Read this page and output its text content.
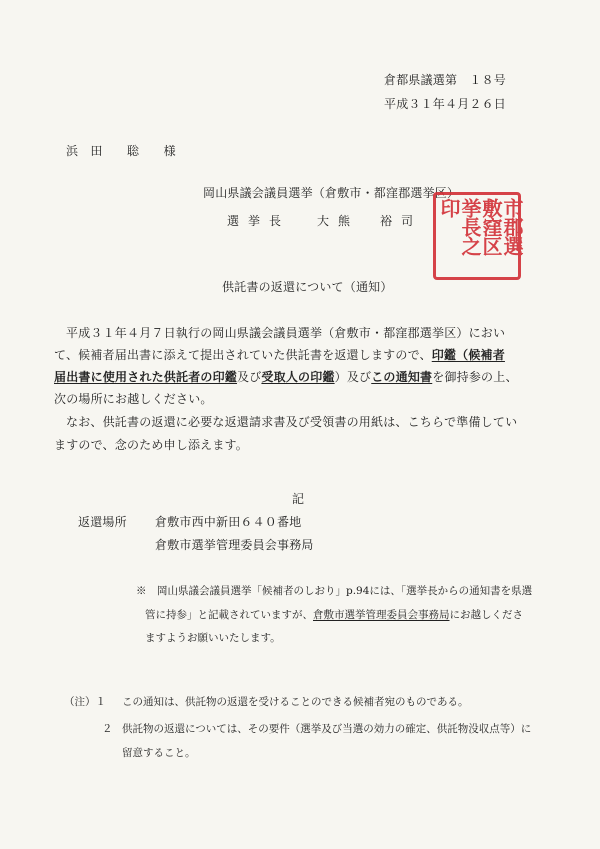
倉都県議選第　１８号
平成３１年４月２６日
浜　田　　聡　　様
岡山県議会議員選挙（倉敷市・都窪郡選挙区）
選挙長 大熊　裕司	市郡選
敷窪区
挙長之
印
供託書の返還について（通知）
平成３１年４月７日執行の岡山県議会議員選挙（倉敷市・都窪郡選挙区）におい
て、候補者届出書に添えて提出されていた供託書を返還しますので、印鑑（候補者
届出書に使用された供託者の印鑑及び受取人の印鑑）及びこの通知書を御持参の上、
次の場所にお越しください。
なお、供託書の返還に必要な返還請求書及び受領書の用紙は、こちらで準備してい
ますので、念のため申し添えます。
記
返還場所 倉敷市西中新田６４０番地
倉敷市選挙管理委員会事務局
※　岡山県議会議員選挙「候補者のしおり」p.94には、「選挙長からの通知書を県選
管に持参」と記載されていますが、倉敷市選挙管理委員会事務局にお越しくださ
ますようお願いいたします。
（注）１ この通知は、供託物の返還を受けることのできる候補者宛のものである。
２ 供託物の返還については、その要件（選挙及び当選の効力の確定、供託物没収点等）に
留意すること。
